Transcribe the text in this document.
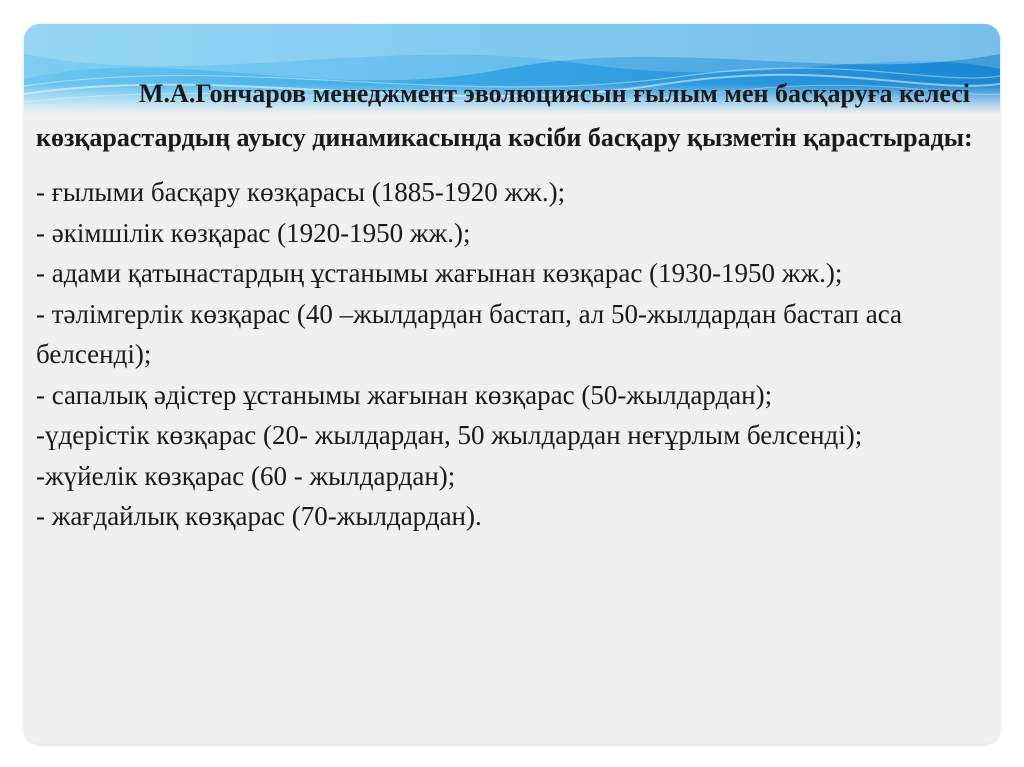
М.А.Гончаров менеджмент эволюциясын ғылым мен басқаруға келесі көзқарастардың ауысу динамикасында кәсіби басқару қызметін қарастырады:

- ғылыми басқару көзқарасы (1885-1920 жж.);
- әкімшілік көзқарас (1920-1950 жж.);
- адами қатынастардың ұстанымы жағынан көзқарас (1930-1950 жж.);
- тәлімгерлік көзқарас (40 –жылдардан бастап, ал 50-жылдардан бастап аса белсенді);
- сапалық әдістер ұстанымы жағынан көзқарас (50-жылдардан);
-үдерістік көзқарас (20- жылдардан, 50 жылдардан неғұрлым белсенді);
-жүйелік көзқарас (60 - жылдардан);
- жағдайлық көзқарас (70-жылдардан).
